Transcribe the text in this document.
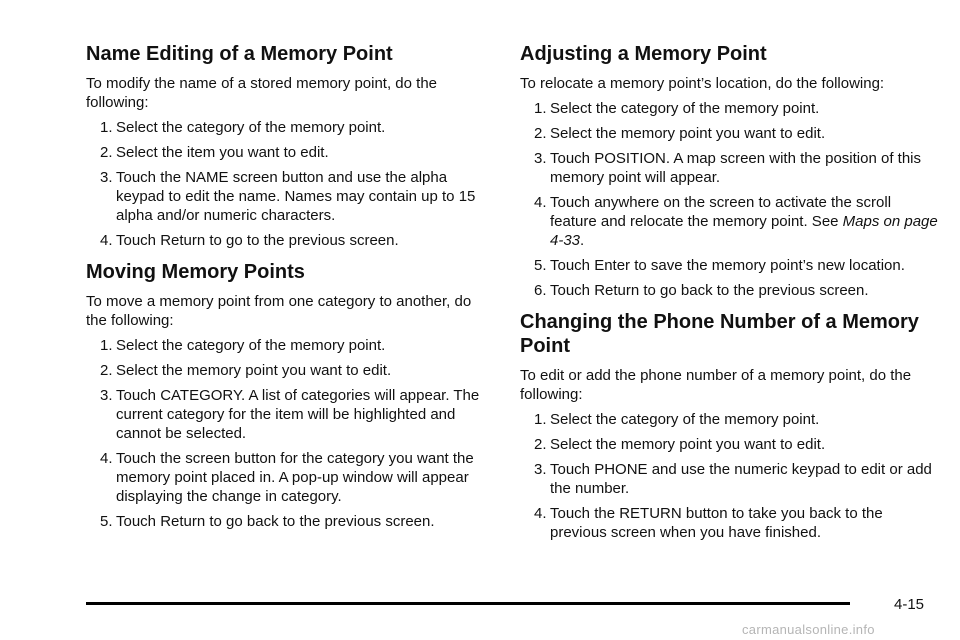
Name Editing of a Memory Point

To modify the name of a stored memory point, do the following:

1. Select the category of the memory point.
2. Select the item you want to edit.
3. Touch the NAME screen button and use the alpha keypad to edit the name. Names may contain up to 15 alpha and/or numeric characters.
4. Touch Return to go to the previous screen.
Moving Memory Points

To move a memory point from one category to another, do the following:

1. Select the category of the memory point.
2. Select the memory point you want to edit.
3. Touch CATEGORY. A list of categories will appear. The current category for the item will be highlighted and cannot be selected.
4. Touch the screen button for the category you want the memory point placed in. A pop-up window will appear displaying the change in category.
5. Touch Return to go back to the previous screen.
Adjusting a Memory Point

To relocate a memory point’s location, do the following:

1. Select the category of the memory point.
2. Select the memory point you want to edit.
3. Touch POSITION. A map screen with the position of this memory point will appear.
4. Touch anywhere on the screen to activate the scroll feature and relocate the memory point. See Maps on page 4-33.
5. Touch Enter to save the memory point’s new location.
6. Touch Return to go back to the previous screen.
Changing the Phone Number of a Memory Point

To edit or add the phone number of a memory point, do the following:

1. Select the category of the memory point.
2. Select the memory point you want to edit.
3. Touch PHONE and use the numeric keypad to edit or add the number.
4. Touch the RETURN button to take you back to the previous screen when you have finished.
4-15
carmanualsonline.info
